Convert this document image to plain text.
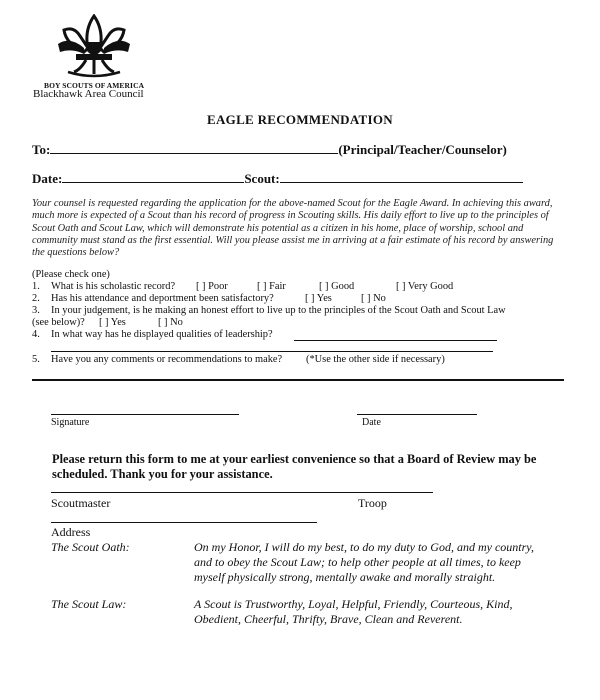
BOY SCOUTS OF AMERICA
Blackhawk Area Council
EAGLE RECOMMENDATION
To:	(Principal/Teacher/Counselor)
Date:	Scout:
Your counsel is requested regarding the application for the above-named Scout for the Eagle Award. In achieving this award, much more is expected of a Scout than his record of progress in Scouting skills. His daily effort to live up to the principles of Scout Oath and Scout Law, which will demonstrate his potential as a citizen in his home, place of worship, school and community must stand as the first essential. Will you please assist me in arriving at a fair estimate of his record by answering the questions below?
(Please check one)
1. What is his scholastic record? [ ] Poor	[ ] Fair	[ ] Good	[ ] Very Good
2. Has his attendance and deportment been satisfactory?	[ ] Yes	[ ] No
3. In your judgement, is he making an honest effort to live up to the principles of the Scout Oath and Scout Law
(see below)? [ ] Yes	[ ] No
4. In what way has he displayed qualities of leadership?
5. Have you any comments or recommendations to make? (*Use the other side if necessary)
Signature	Date
Please return this form to me at your earliest convenience so that a Board of Review may be scheduled. Thank you for your assistance.
Scoutmaster	Troop
Address
The Scout Oath:	On my Honor, I will do my best, to do my duty to God, and my country, and to obey the Scout Law; to help other people at all times, to keep myself physically strong, mentally awake and morally straight.
The Scout Law:	A Scout is Trustworthy, Loyal, Helpful, Friendly, Courteous, Kind, Obedient, Cheerful, Thrifty, Brave, Clean and Reverent.
